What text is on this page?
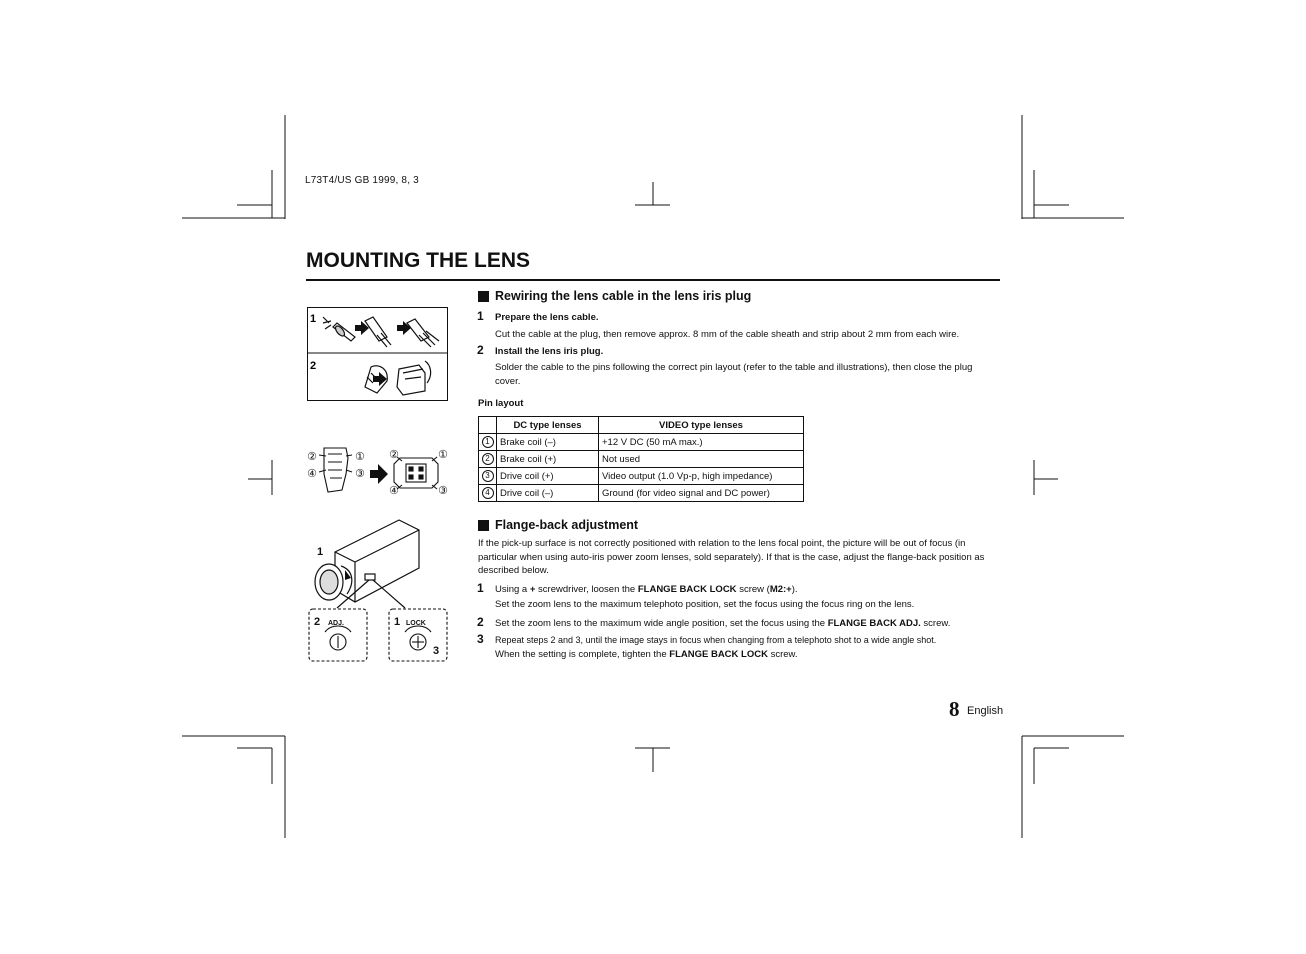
L73T4/US GB 1999, 8, 3
MOUNTING THE LENS
1
2
②	①
④	③
②	①
④	③
1
2 ADJ.	1 LOCK
3
Rewiring the lens cable in the lens iris plug
1 Prepare the lens cable.
Cut the cable at the plug, then remove approx. 8 mm of the cable sheath and strip about 2 mm from each wire.
2 Install the lens iris plug.
Solder the cable to the pins following the correct pin layout (refer to the table and illustrations), then close the plug cover.
Pin layout
	DC type lenses	VIDEO type lenses
1	Brake coil (–)	+12 V DC (50 mA max.)
2	Brake coil (+)	Not used
3	Drive coil (+)	Video output (1.0 Vp-p, high impedance)
4	Drive coil (–)	Ground (for video signal and DC power)
Flange-back adjustment
If the pick-up surface is not correctly positioned with relation to the lens focal point, the picture will be out of focus (in particular when using auto-iris power zoom lenses, sold separately). If that is the case, adjust the flange-back position as described below.
1 Using a + screwdriver, loosen the FLANGE BACK LOCK screw (M2:+).
Set the zoom lens to the maximum telephoto position, set the focus using the focus ring on the lens.
2 Set the zoom lens to the maximum wide angle position, set the focus using the FLANGE BACK ADJ. screw.
3 Repeat steps 2 and 3, until the image stays in focus when changing from a telephoto shot to a wide angle shot.
When the setting is complete, tighten the FLANGE BACK LOCK screw.
8 English
